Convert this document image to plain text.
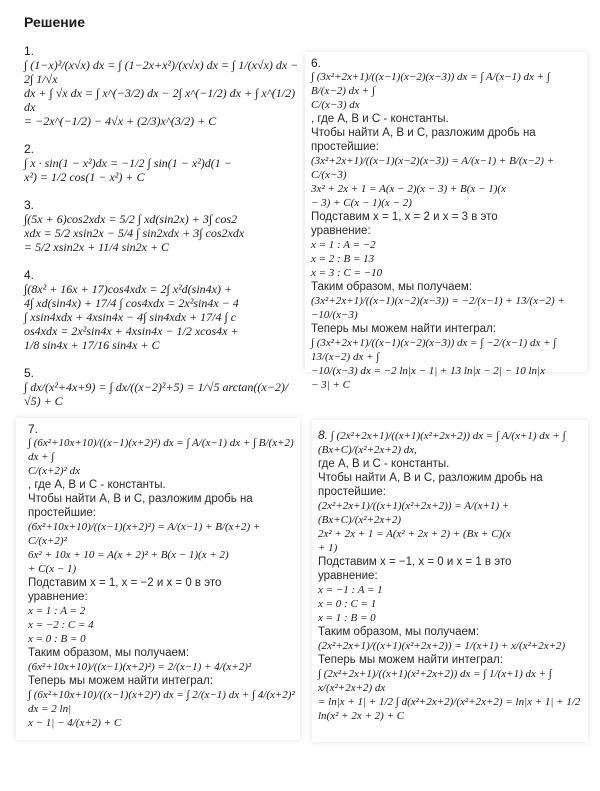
Решение
1.
∫ (1−x)²/(x√x) dx = ∫ (1−2x+x²)/(x√x) dx = ∫ 1/(x√x) dx − 2∫ 1/√x
dx + ∫ √x dx = ∫ x^(−3/2) dx − 2∫ x^(−1/2) dx + ∫ x^(1/2) dx
= −2x^(−1/2) − 4√x + (2/3)x^(3/2) + C
2.
∫ x · sin(1 − x²)dx = −1/2 ∫ sin(1 − x²)d(1 −
x²) = 1/2 cos(1 − x²) + C
3.
∫(5x + 6)cos2xdx = 5/2 ∫ xd(sin2x) + 3∫ cos2
xdx = 5/2 xsin2x − 5/4 ∫ sin2xdx + 3∫ cos2xdx
= 5/2 xsin2x + 11/4 sin2x + C
4.
∫(8x² + 16x + 17)cos4xdx = 2∫ x²d(sin4x) +
4∫ xd(sin4x) + 17/4 ∫ cos4xdx = 2x²sin4x − 4
∫ xsin4xdx + 4xsin4x − 4∫ sin4xdx + 17/4 ∫ c
os4xdx = 2x²sin4x + 4xsin4x − 1/2 xcos4x +
1/8 sin4x + 17/16 sin4x + C
5.
∫ dx/(x²+4x+9) = ∫ dx/((x−2)²+5) = 1/√5 arctan((x−2)/√5) + C
6.
∫ (3x²+2x+1)/((x−1)(x−2)(x−3)) dx = ∫ A/(x−1) dx + ∫ B/(x−2) dx + ∫
C/(x−3) dx
, где A, B и C - константы.
Чтобы найти A, B и C, разложим дробь на
простейшие:
(3x²+2x+1)/((x−1)(x−2)(x−3)) = A/(x−1) + B/(x−2) + C/(x−3)
3x² + 2x + 1 = A(x − 2)(x − 3) + B(x − 1)(x
− 3) + C(x − 1)(x − 2)
Подставим x = 1, x = 2 и x = 3 в это
уравнение:
x = 1 : A = −2
x = 2 : B = 13
x = 3 : C = −10
Таким образом, мы получаем:
(3x²+2x+1)/((x−1)(x−2)(x−3)) = −2/(x−1) + 13/(x−2) + −10/(x−3)
Теперь мы можем найти интеграл:
∫ (3x²+2x+1)/((x−1)(x−2)(x−3)) dx = ∫ −2/(x−1) dx + ∫ 13/(x−2) dx + ∫
−10/(x−3) dx = −2 ln|x − 1| + 13 ln|x − 2| − 10 ln|x
− 3| + C
7.
∫ (6x²+10x+10)/((x−1)(x+2)²) dx = ∫ A/(x−1) dx + ∫ B/(x+2) dx + ∫
C/(x+2)² dx
, где A, B и C - константы.
Чтобы найти A, B и C, разложим дробь на
простейшие:
(6x²+10x+10)/((x−1)(x+2)²) = A/(x−1) + B/(x+2) + C/(x+2)²
6x² + 10x + 10 = A(x + 2)² + B(x − 1)(x + 2)
+ C(x − 1)
Подставим x = 1, x = −2 и x = 0 в это
уравнение:
x = 1 : A = 2
x = −2 : C = 4
x = 0 : B = 0
Таким образом, мы получаем:
(6x²+10x+10)/((x−1)(x+2)²) = 2/(x−1) + 4/(x+2)²
Теперь мы можем найти интеграл:
∫ (6x²+10x+10)/((x−1)(x+2)²) dx = ∫ 2/(x−1) dx + ∫ 4/(x+2)² dx = 2 ln|
x − 1| − 4/(x+2) + C
8. ∫ (2x²+2x+1)/((x+1)(x²+2x+2)) dx = ∫ A/(x+1) dx + ∫ (Bx+C)/(x²+2x+2) dx,
где A, B и C - константы.
Чтобы найти A, B и C, разложим дробь на
простейшие:
(2x²+2x+1)/((x+1)(x²+2x+2)) = A/(x+1) + (Bx+C)/(x²+2x+2)
2x² + 2x + 1 = A(x² + 2x + 2) + (Bx + C)(x
+ 1)
Подставим x = −1, x = 0 и x = 1 в это
уравнение:
x = −1 : A = 1
x = 0 : C = 1
x = 1 : B = 0
Таким образом, мы получаем:
(2x²+2x+1)/((x+1)(x²+2x+2)) = 1/(x+1) + x/(x²+2x+2)
Теперь мы можем найти интеграл:
∫ (2x²+2x+1)/((x+1)(x²+2x+2)) dx = ∫ 1/(x+1) dx + ∫ x/(x²+2x+2) dx
= ln|x + 1| + 1/2 ∫ d(x²+2x+2)/(x²+2x+2) = ln|x + 1| + 1/2
ln(x² + 2x + 2) + C
